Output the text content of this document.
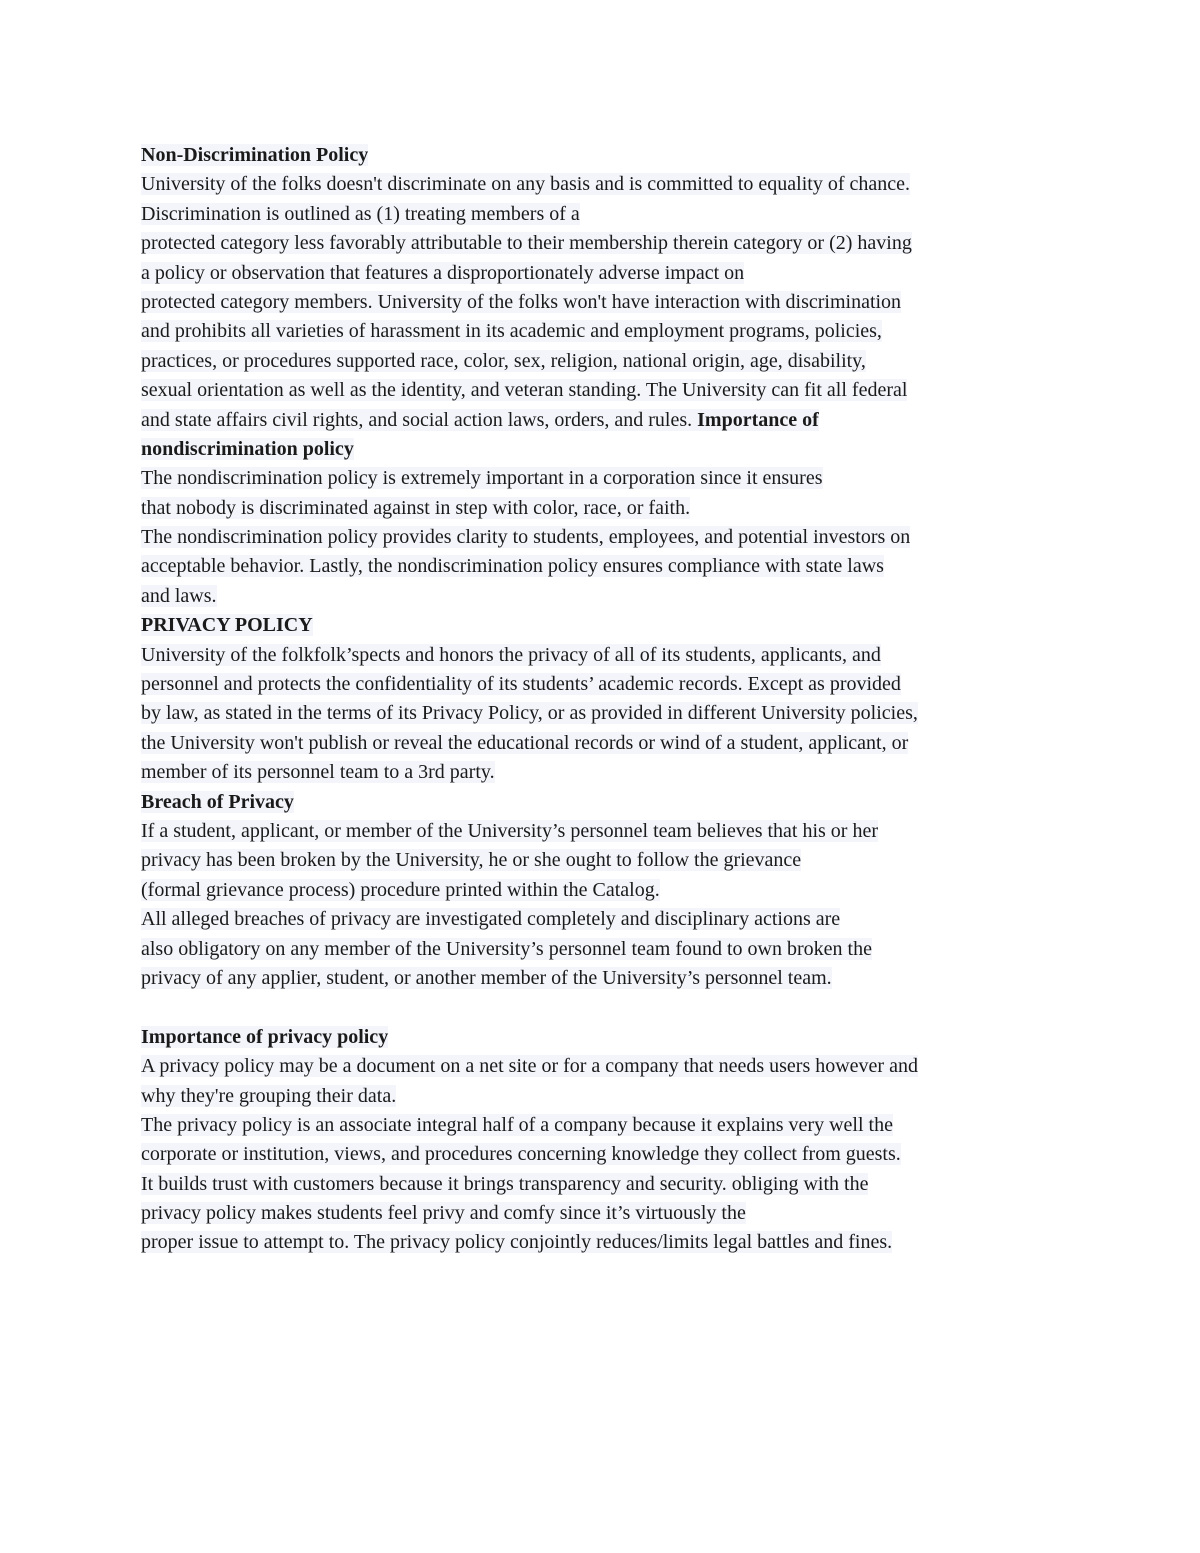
Non-Discrimination Policy
University of the folks doesn't discriminate on any basis and is committed to equality of chance.
Discrimination is outlined as (1) treating members of a
protected category less favorably attributable to their membership therein category or (2) having
a policy or observation that features a disproportionately adverse impact on
protected category members. University of the folks won't have interaction with discrimination
and prohibits all varieties of harassment in its academic and employment programs, policies,
practices, or procedures supported race, color, sex, religion, national origin, age, disability,
sexual orientation as well as the identity, and veteran standing. The University can fit all federal
and state affairs civil rights, and social action laws, orders, and rules. Importance of
nondiscrimination policy
The nondiscrimination policy is extremely important in a corporation since it ensures
that nobody is discriminated against in step with color, race, or faith.
The nondiscrimination policy provides clarity to students, employees, and potential investors on
acceptable behavior. Lastly, the nondiscrimination policy ensures compliance with state laws
and laws.
PRIVACY POLICY
University of the folkfolk’spects and honors the privacy of all of its students, applicants, and
personnel and protects the confidentiality of its students’ academic records. Except as provided
by law, as stated in the terms of its Privacy Policy, or as provided in different University policies,
the University won't publish or reveal the educational records or wind of a student, applicant, or
member of its personnel team to a 3rd party.
Breach of Privacy
If a student, applicant, or member of the University’s personnel team believes that his or her
privacy has been broken by the University, he or she ought to follow the grievance
(formal grievance process) procedure printed within the Catalog.
All alleged breaches of privacy are investigated completely and disciplinary actions are
also obligatory on any member of the University’s personnel team found to own broken the
privacy of any applier, student, or another member of the University’s personnel team.
Importance of privacy policy
A privacy policy may be a document on a net site or for a company that needs users however and
why they're grouping their data.
The privacy policy is an associate integral half of a company because it explains very well the
corporate or institution, views, and procedures concerning knowledge they collect from guests.
It builds trust with customers because it brings transparency and security. obliging with the
privacy policy makes students feel privy and comfy since it’s virtuously the
proper issue to attempt to. The privacy policy conjointly reduces/limits legal battles and fines.
